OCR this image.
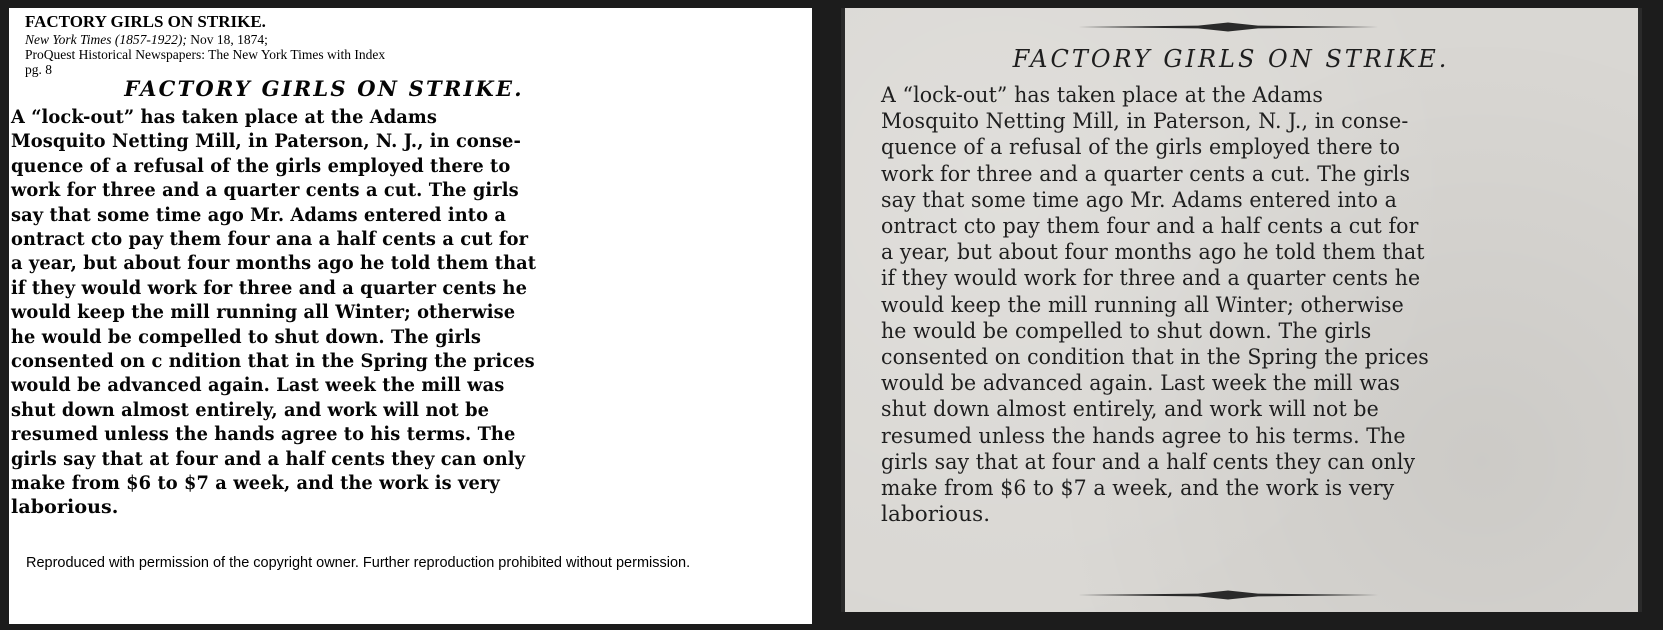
FACTORY GIRLS ON STRIKE.

New York Times (1857-1922); Nov 18, 1874;

ProQuest Historical Newspapers: The New York Times with Index

pg. 8

FACTORY GIRLS ON STRIKE.
A “lock-out” has taken place at the Adams
Mosquito Netting Mill, in Paterson, N. J., in conse-
quence of a refusal of the girls employed there to
work for three and a quarter cents a cut. The girls
say that some time ago Mr. Adams entered into a
ontract cto pay them four ana a half cents a cut for
a year, but about four months ago he told them that
if they would work for three and a quarter cents he
would keep the mill running all Winter; otherwise
he would be compelled to shut down. The girls
consented on c ndition that in the Spring the prices
would be advanced again. Last week the mill was
shut down almost entirely, and work will not be
resumed unless the hands agree to his terms. The
girls say that at four and a half cents they can only
make from $6 to $7 a week, and the work is very
laborious.
Reproduced with permission of the copyright owner. Further reproduction prohibited without permission.
FACTORY GIRLS ON STRIKE.
A “lock-out” has taken place at the Adams
Mosquito Netting Mill, in Paterson, N. J., in conse-
quence of a refusal of the girls employed there to
work for three and a quarter cents a cut. The girls
say that some time ago Mr. Adams entered into a
ontract cto pay them four and a half cents a cut for
a year, but about four months ago he told them that
if they would work for three and a quarter cents he
would keep the mill running all Winter; otherwise
he would be compelled to shut down. The girls
consented on condition that in the Spring the prices
would be advanced again. Last week the mill was
shut down almost entirely, and work will not be
resumed unless the hands agree to his terms. The
girls say that at four and a half cents they can only
make from $6 to $7 a week, and the work is very
laborious.
